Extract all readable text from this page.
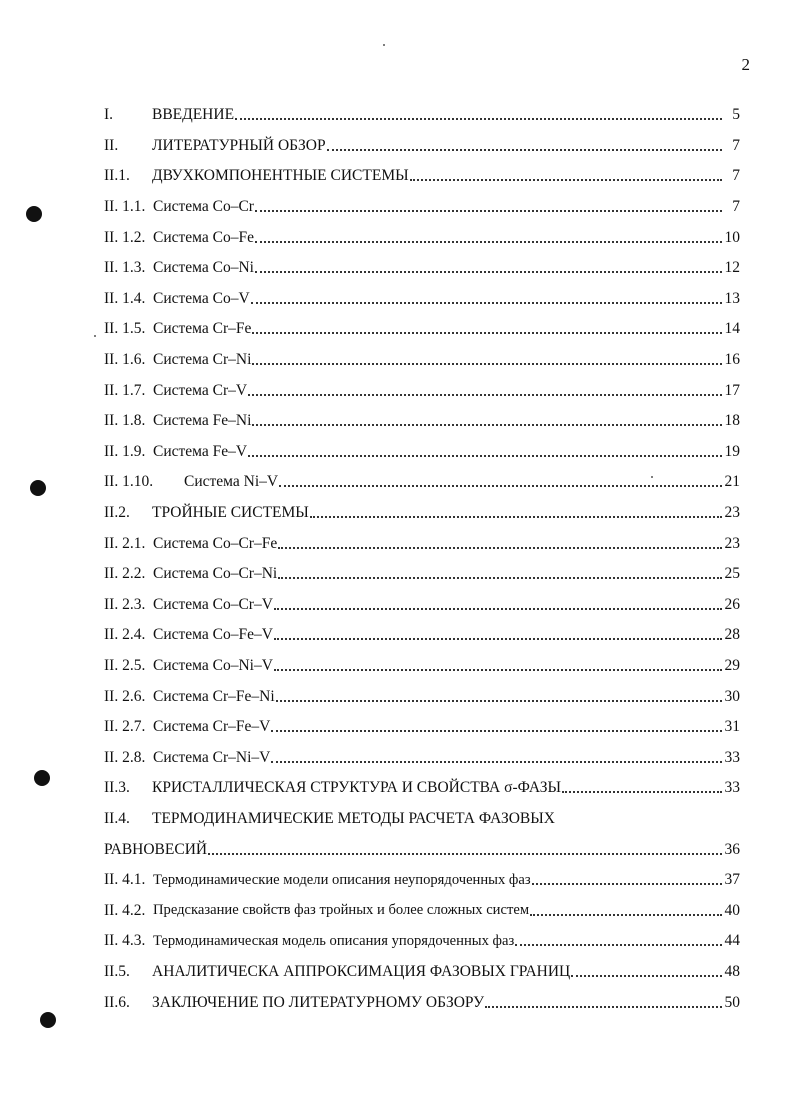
2
I.	ВВЕДЕНИЕ	5
II.	ЛИТЕРАТУРНЫЙ ОБЗОР	7
II.1.	ДВУХКОМПОНЕНТНЫЕ СИСТЕМЫ	7
II. 1.1. Система Co–Cr	7
II. 1.2. Система Co–Fe	10
II. 1.3. Система Co–Ni	12
II. 1.4. Система Co–V	13
II. 1.5. Система Cr–Fe	14
II. 1.6. Система Cr–Ni	16
II. 1.7. Система Cr–V	17
II. 1.8. Система Fe–Ni	18
II. 1.9. Система Fe–V	19
II. 1.10.	Система Ni–V	21
II.2.	ТРОЙНЫЕ СИСТЕМЫ	23
II. 2.1. Система Co–Cr–Fe	23
II. 2.2. Система Co–Cr–Ni	25
II. 2.3. Система Co–Cr–V	26
II. 2.4. Система Co–Fe–V	28
II. 2.5. Система Co–Ni–V	29
II. 2.6. Система Cr–Fe–Ni	30
II. 2.7. Система Cr–Fe–V	31
II. 2.8. Система Cr–Ni–V	33
II.3.	КРИСТАЛЛИЧЕСКАЯ СТРУКТУРА И СВОЙСТВА σ-ФАЗЫ	33
II.4.	ТЕРМОДИНАМИЧЕСКИЕ МЕТОДЫ РАСЧЕТА ФАЗОВЫХ
РАВНОВЕСИЙ	36
II. 4.1. Термодинамические модели описания неупорядоченных фаз	37
II. 4.2. Предсказание свойств фаз тройных и более сложных систем	40
II. 4.3. Термодинамическая модель описания упорядоченных фаз	44
II.5.	АНАЛИТИЧЕСКА АППРОКСИМАЦИЯ ФАЗОВЫХ ГРАНИЦ	48
II.6.	ЗАКЛЮЧЕНИЕ ПО ЛИТЕРАТУРНОМУ ОБЗОРУ	50
